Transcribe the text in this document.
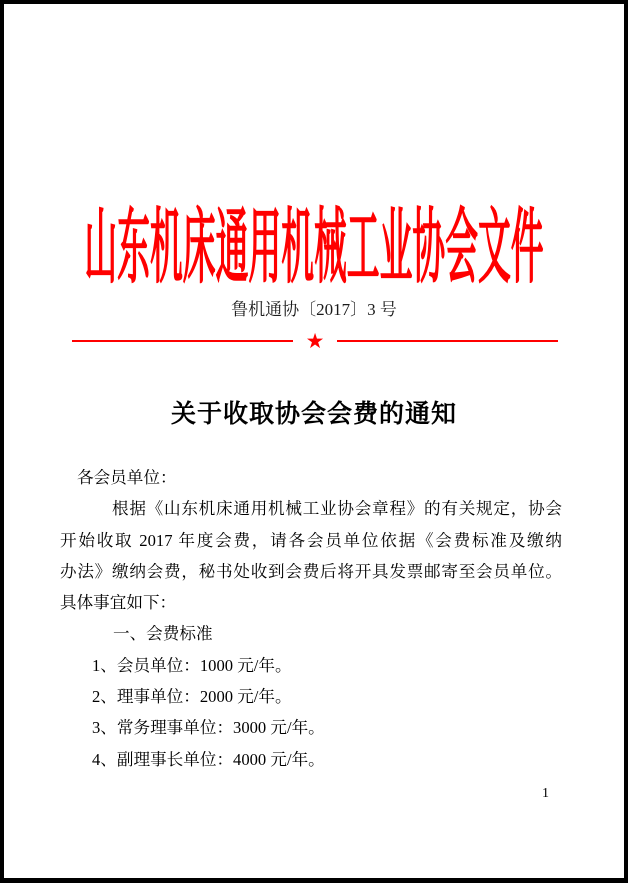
山东机床通用机械工业协会文件
鲁机通协〔2017〕3 号
★
关于收取协会会费的通知
各会员单位：
根据《山东机床通用机械工业协会章程》的有关规定，协会
开始收取 2017 年度会费，请各会员单位依据《会费标准及缴纳
办法》缴纳会费，秘书处收到会费后将开具发票邮寄至会员单位。
具体事宜如下：
一、会费标准
1、会员单位：1000 元/年。
2、理事单位：2000 元/年。
3、常务理事单位：3000 元/年。
4、副理事长单位：4000 元/年。
1
